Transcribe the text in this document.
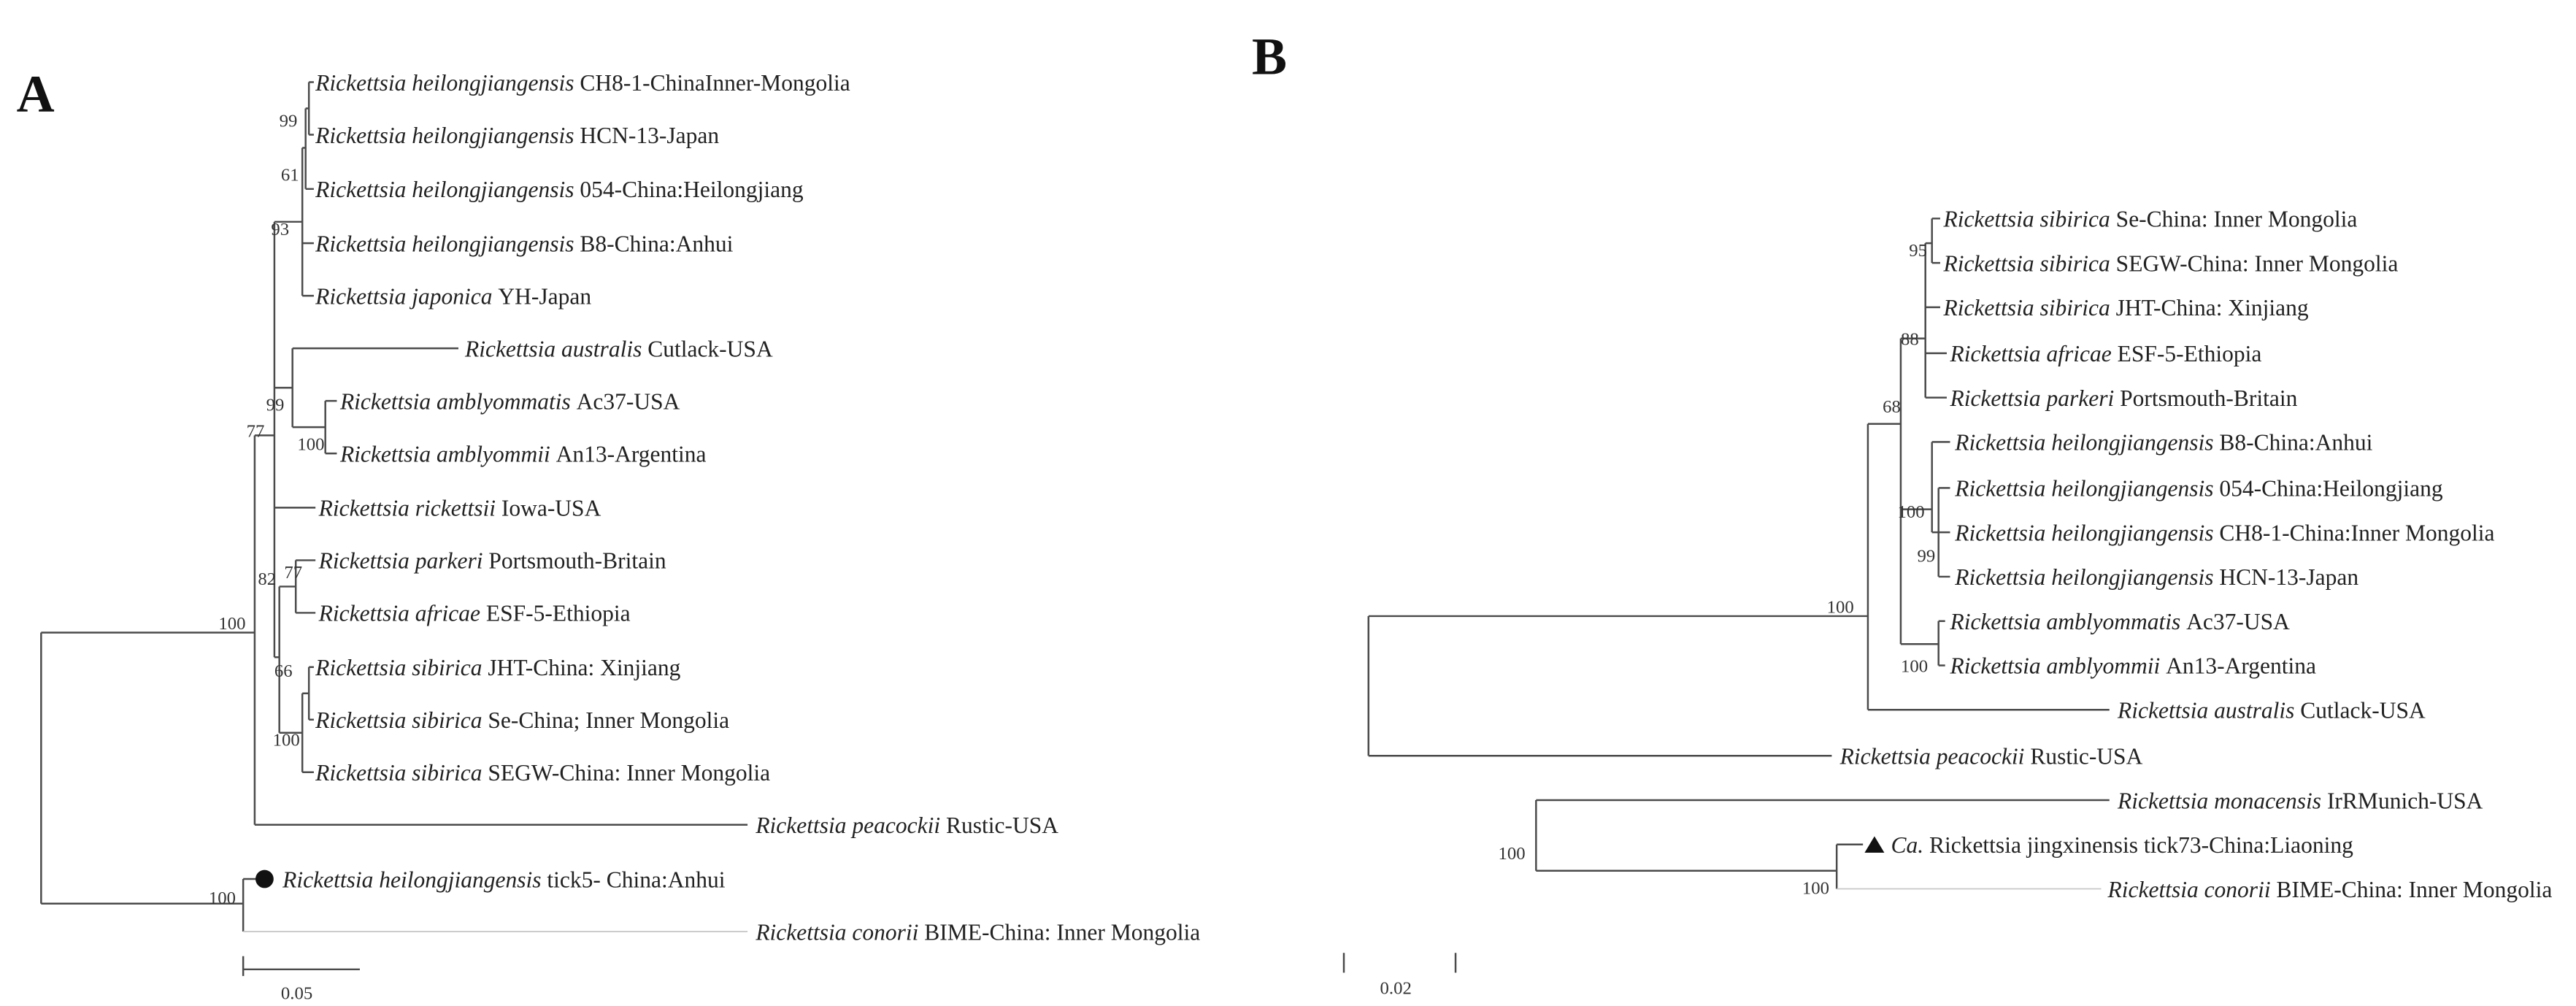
A	Rickettsia heilongjiangensis CH8-1-ChinaInner-Mongolia
Rickettsia heilongjiangensis HCN-13-Japan
Rickettsia heilongjiangensis 054-China:Heilongjiang
Rickettsia heilongjiangensis B8-China:Anhui
Rickettsia japonica YH-Japan
Rickettsia australis Cutlack-USA
Rickettsia amblyommatis Ac37-USA
Rickettsia amblyommii An13-Argentina
Rickettsia rickettsii Iowa-USA
Rickettsia parkeri Portsmouth-Britain
Rickettsia africae ESF-5-Ethiopia
Rickettsia sibirica JHT-China: Xinjiang
Rickettsia sibirica Se-China; Inner Mongolia
Rickettsia sibirica SEGW-China: Inner Mongolia
Rickettsia peacockii Rustic-USA
Rickettsia heilongjiangensis tick5- China:Anhui
Rickettsia conorii BIME-China: Inner Mongolia
99
61
93
99
77
100
77
82
100
66
100
100
0.05
B
Rickettsia sibirica Se-China: Inner Mongolia
Rickettsia sibirica SEGW-China: Inner Mongolia
Rickettsia sibirica JHT-China: Xinjiang
Rickettsia africae ESF-5-Ethiopia
Rickettsia parkeri Portsmouth-Britain
Rickettsia heilongjiangensis B8-China:Anhui
Rickettsia heilongjiangensis 054-China:Heilongjiang
Rickettsia heilongjiangensis CH8-1-China:Inner Mongolia
Rickettsia heilongjiangensis HCN-13-Japan
Rickettsia amblyommatis Ac37-USA
Rickettsia amblyommii An13-Argentina
Rickettsia australis Cutlack-USA
Rickettsia peacockii Rustic-USA
Rickettsia monacensis IrRMunich-USA
Ca. Rickettsia jingxinensis tick73-China:Liaoning
Rickettsia conorii BIME-China: Inner Mongolia
95
88
68
100
99
100
100
100
100
0.02
